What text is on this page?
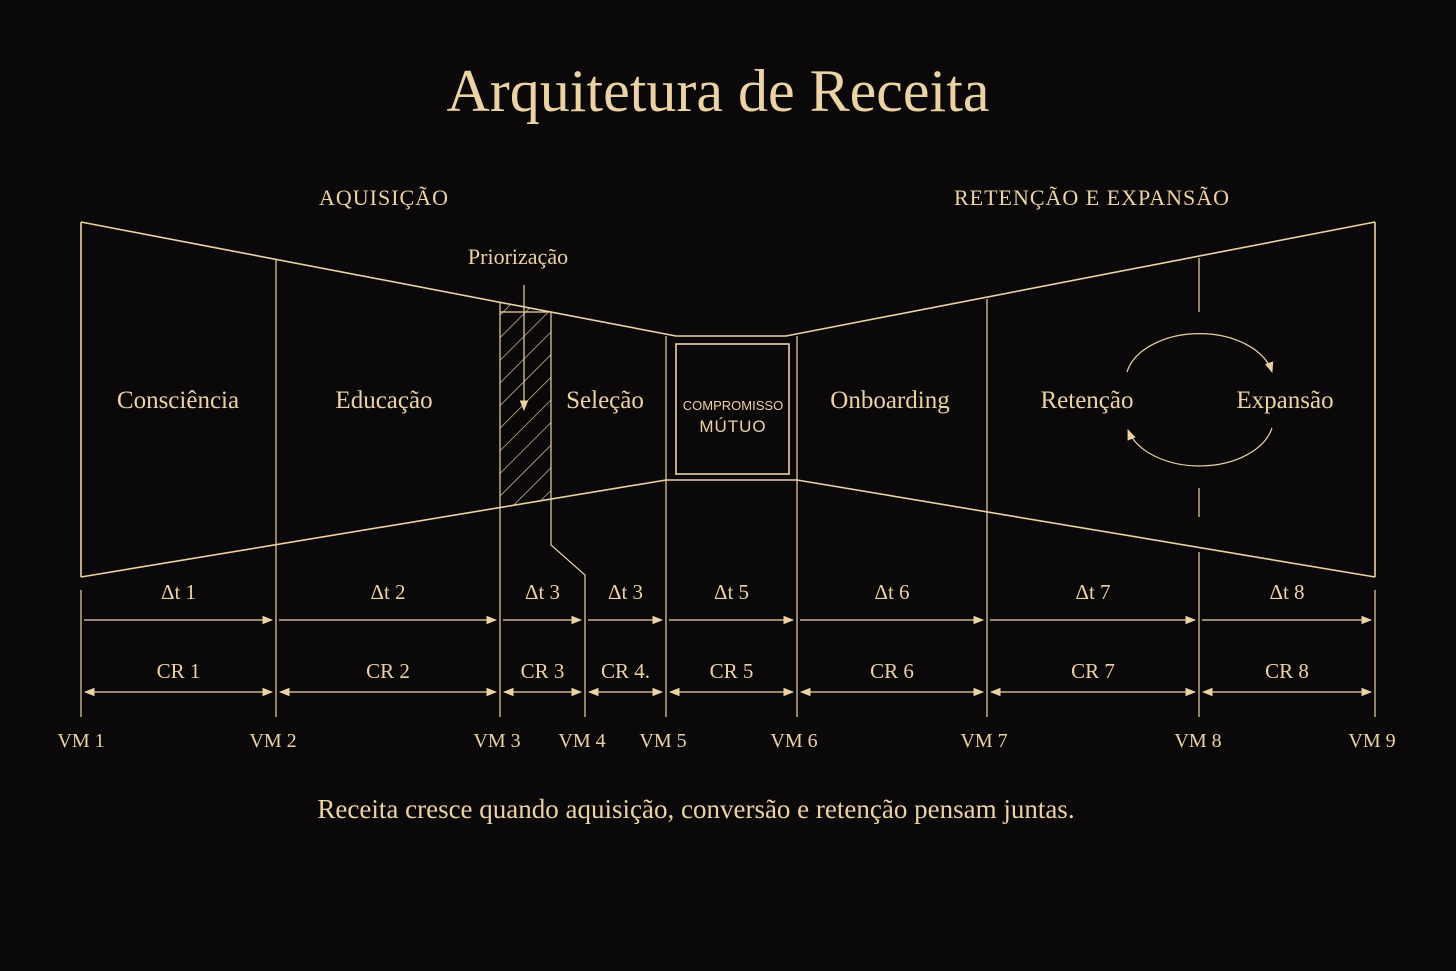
Arquitetura de Receita
AQUISIÇÃO	RETENÇÃO E EXPANSÃO
Priorização
Consciência	Educação	Seleção	COMPROMISSO
MÚTUO
Onboarding	Retenção	Expansão
Δt 1	Δt 2	Δt 3 Δt 3	Δt 5	Δt 6	Δt 7	Δt 8
CR 1	CR 2	CR 3 CR 4.	CR 5	CR 6	CR 7	CR 8
VM 1	VM 2	VM 3 VM 4 VM 5	VM 6	VM 7	VM 8	VM 9
Receita cresce quando aquisição, conversão e retenção pensam juntas.
